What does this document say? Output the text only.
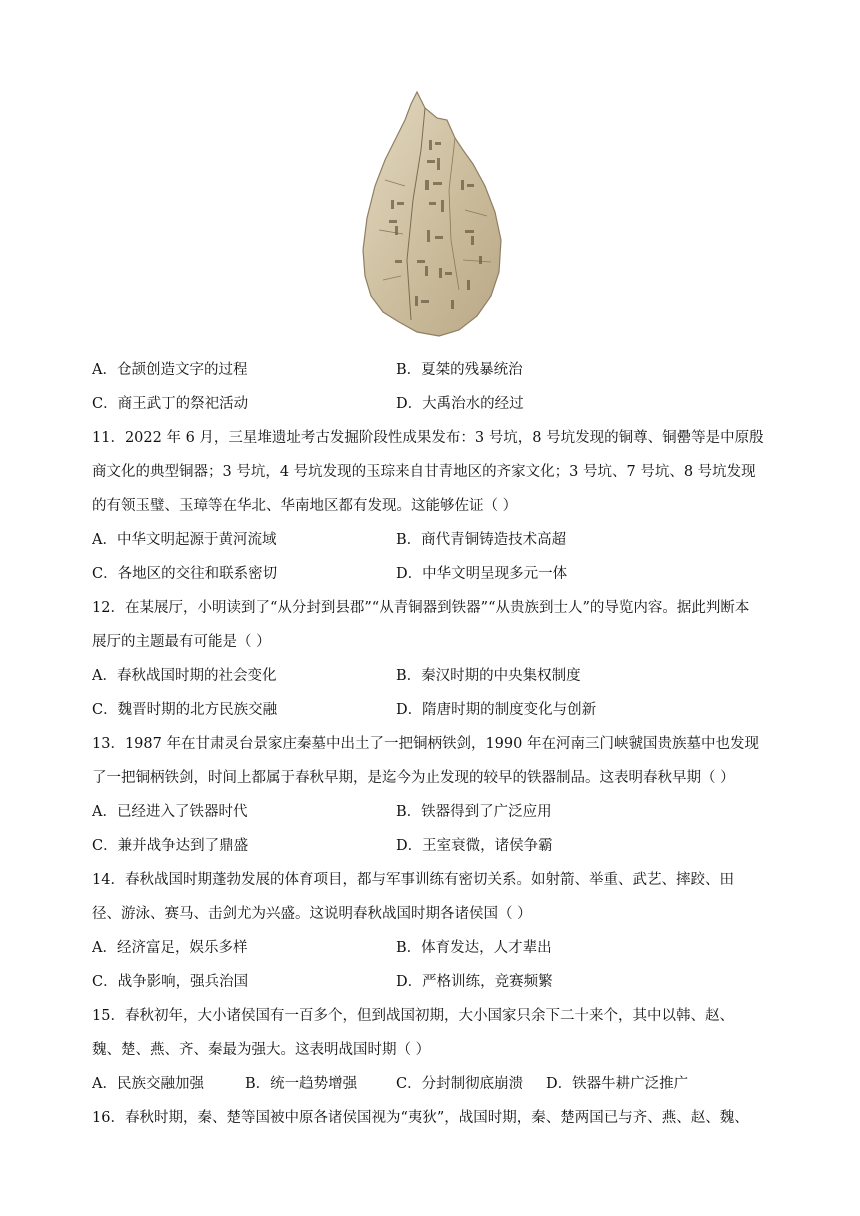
A．仓颉创造文字的过程	B．夏桀的残暴统治
C．商王武丁的祭祀活动	D．大禹治水的经过
11．2022 年 6 月，三星堆遗址考古发掘阶段性成果发布：3 号坑，8 号坑发现的铜尊、铜罍等是中原殷
商文化的典型铜器；3 号坑，4 号坑发现的玉琮来自甘青地区的齐家文化；3 号坑、7 号坑、8 号坑发现
的有领玉璧、玉璋等在华北、华南地区都有发现。这能够佐证（ ）
A．中华文明起源于黄河流域	B．商代青铜铸造技术高超
C．各地区的交往和联系密切	D．中华文明呈现多元一体
12．在某展厅，小明读到了“从分封到县郡”“从青铜器到铁器”“从贵族到士人”的导览内容。据此判断本
展厅的主题最有可能是（ ）
A．春秋战国时期的社会变化	B．秦汉时期的中央集权制度
C．魏晋时期的北方民族交融	D．隋唐时期的制度变化与创新
13．1987 年在甘肃灵台景家庄秦墓中出土了一把铜柄铁剑，1990 年在河南三门峡虢国贵族墓中也发现
了一把铜柄铁剑，时间上都属于春秋早期，是迄今为止发现的较早的铁器制品。这表明春秋早期（ ）
A．已经进入了铁器时代	B．铁器得到了广泛应用
C．兼并战争达到了鼎盛	D．王室衰微，诸侯争霸
14．春秋战国时期蓬勃发展的体育项目，都与军事训练有密切关系。如射箭、举重、武艺、摔跤、田
径、游泳、赛马、击剑尤为兴盛。这说明春秋战国时期各诸侯国（ ）
A．经济富足，娱乐多样	B．体育发达，人才辈出
C．战争影响，强兵治国	D．严格训练，竞赛频繁
15．春秋初年，大小诸侯国有一百多个，但到战国初期，大小国家只余下二十来个，其中以韩、赵、
魏、楚、燕、齐、秦最为强大。这表明战国时期（ ）
A．民族交融加强	B．统一趋势增强	C．分封制彻底崩溃 D．铁器牛耕广泛推广
16．春秋时期，秦、楚等国被中原各诸侯国视为“夷狄”，战国时期，秦、楚两国已与齐、燕、赵、魏、
